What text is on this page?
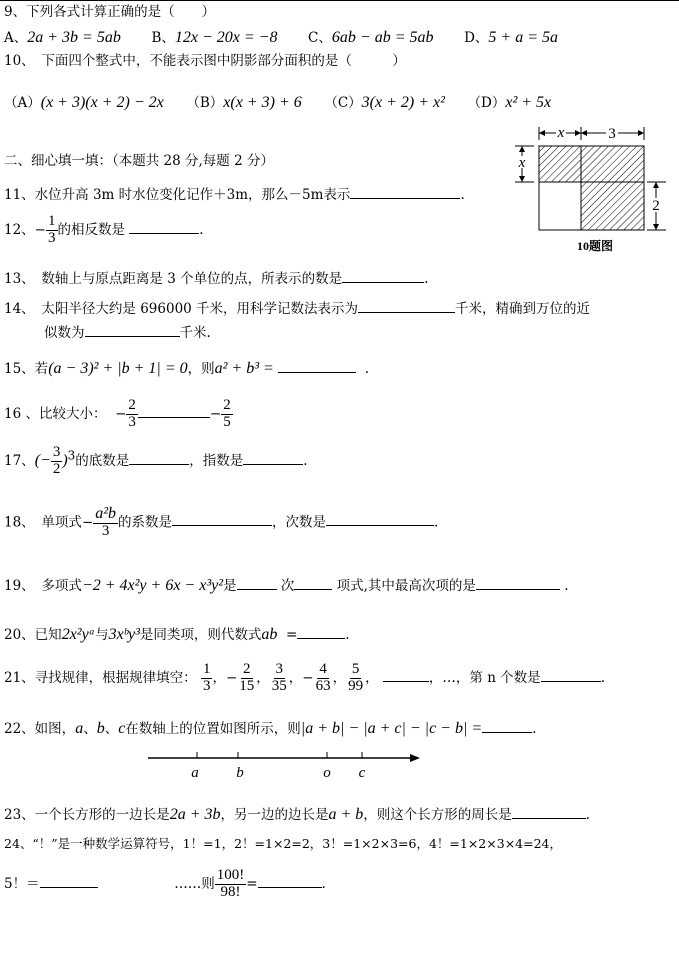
9、下列各式计算正确的是（　　）
A、2a + 3b = 5ab B、12x − 20x = −8 C、6ab − ab = 5ab D、5 + a = 5a
10、　下面四个整式中，不能表示图中阴影部分面积的是（　　　）
（A）(x + 3)(x + 2) − 2x （B）x(x + 3) + 6 （C）3(x + 2) + x² （D）x² + 5x
x	3
x
2
10题图
二、细心填一填：（本题共 28 分,每题 2 分）
11、水位升高 3m 时水位变化记作＋3m，那么－5m表示	.
12、− $\frac{1}{3}$ 的相反数是	.
13、　数轴上与原点距离是 3 个单位的点，所表示的数是	.
14、　太阳半径大约是 696000 千米，用科学记数法表示为	千米，精确到万位的近
似数为	千米.
15、若(a − 3)² + |b + 1| = 0，则a² + b³ =	.
16 、比较大小：  − $\frac{2}{3}$	− $\frac{2}{5}$
17、(− $\frac{3}{2} )^3$的底数是	，指数是	.
18、　单项式− $\frac{\text{a²b}}{3}$ 的系数是	，次数是	.
19、　多项式−2 + 4x²y + 6x − x³y²是	次	项式,其中最高次项的是	.
20、已知2x²yᵃ与3xᵇy³是同类项，则代数式ab =	.
21、寻找规律，根据规律填空： $\frac{1}{3}$ ，− $\frac{2}{15}$ ， $\frac{3}{35}$ ，− $\frac{4}{63}$ ， $\frac{5}{99}$ ，	，…，第 n 个数是	.
22、如图，a、b、c在数轴上的位置如图所示，则|a + b| − |a + c| − |c − b| =	.
a	b	o c
23、一个长方形的一边长是2a + 3b，另一边的边长是a + b，则这个长方形的周长是	.
24、“！”是一种数学运算符号，1！=1，2！=1×2=2，3！=1×2×3=6，4！=1×2×3×4=24，
5！＝	……则 $\frac{100!}{98!}$ =	.
